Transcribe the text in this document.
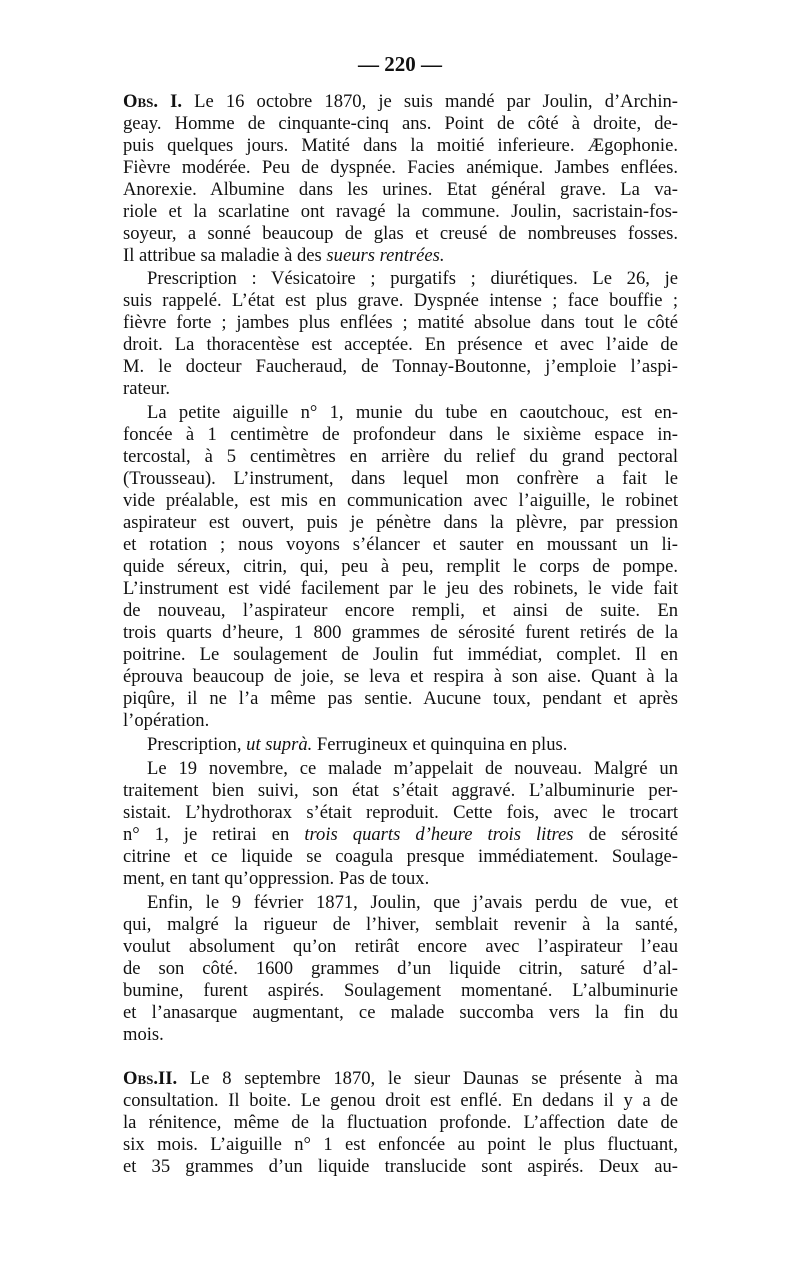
— 220 —
Obs. I. Le 16 octobre 1870, je suis mandé par Joulin, d’Archin-
geay. Homme de cinquante-cinq ans. Point de côté à droite, de-
puis quelques jours. Matité dans la moitié inferieure. Ægophonie.
Fièvre modérée. Peu de dyspnée. Facies anémique. Jambes enflées.
Anorexie. Albumine dans les urines. Etat général grave. La va-
riole et la scarlatine ont ravagé la commune. Joulin, sacristain-fos-
soyeur, a sonné beaucoup de glas et creusé de nombreuses fosses.
Il attribue sa maladie à des sueurs rentrées.
Prescription : Vésicatoire ; purgatifs ; diurétiques. Le 26, je
suis rappelé. L’état est plus grave. Dyspnée intense ; face bouffie ;
fièvre forte ; jambes plus enflées ; matité absolue dans tout le côté
droit. La thoracentèse est acceptée. En présence et avec l’aide de
M. le docteur Faucheraud, de Tonnay-Boutonne, j’emploie l’aspi-
rateur.
La petite aiguille n° 1, munie du tube en caoutchouc, est en-
foncée à 1 centimètre de profondeur dans le sixième espace in-
tercostal, à 5 centimètres en arrière du relief du grand pectoral
(Trousseau). L’instrument, dans lequel mon confrère a fait le
vide préalable, est mis en communication avec l’aiguille, le robinet
aspirateur est ouvert, puis je pénètre dans la plèvre, par pression
et rotation ; nous voyons s’élancer et sauter en moussant un li-
quide séreux, citrin, qui, peu à peu, remplit le corps de pompe.
L’instrument est vidé facilement par le jeu des robinets, le vide fait
de nouveau, l’aspirateur encore rempli, et ainsi de suite. En
trois quarts d’heure, 1 800 grammes de sérosité furent retirés de la
poitrine. Le soulagement de Joulin fut immédiat, complet. Il en
éprouva beaucoup de joie, se leva et respira à son aise. Quant à la
piqûre, il ne l’a même pas sentie. Aucune toux, pendant et après
l’opération.
Prescription, ut suprà. Ferrugineux et quinquina en plus.
Le 19 novembre, ce malade m’appelait de nouveau. Malgré un
traitement bien suivi, son état s’était aggravé. L’albuminurie per-
sistait. L’hydrothorax s’était reproduit. Cette fois, avec le trocart
n° 1, je retirai en trois quarts d’heure trois litres de sérosité
citrine et ce liquide se coagula presque immédiatement. Soulage-
ment, en tant qu’oppression. Pas de toux.
Enfin, le 9 février 1871, Joulin, que j’avais perdu de vue, et
qui, malgré la rigueur de l’hiver, semblait revenir à la santé,
voulut absolument qu’on retirât encore avec l’aspirateur l’eau
de son côté. 1600 grammes d’un liquide citrin, saturé d’al-
bumine, furent aspirés. Soulagement momentané. L’albuminurie
et l’anasarque augmentant, ce malade succomba vers la fin du
mois.
Obs.II. Le 8 septembre 1870, le sieur Daunas se présente à ma
consultation. Il boite. Le genou droit est enflé. En dedans il y a de
la rénitence, même de la fluctuation profonde. L’affection date de
six mois. L’aiguille n° 1 est enfoncée au point le plus fluctuant,
et 35 grammes d’un liquide translucide sont aspirés. Deux au-
